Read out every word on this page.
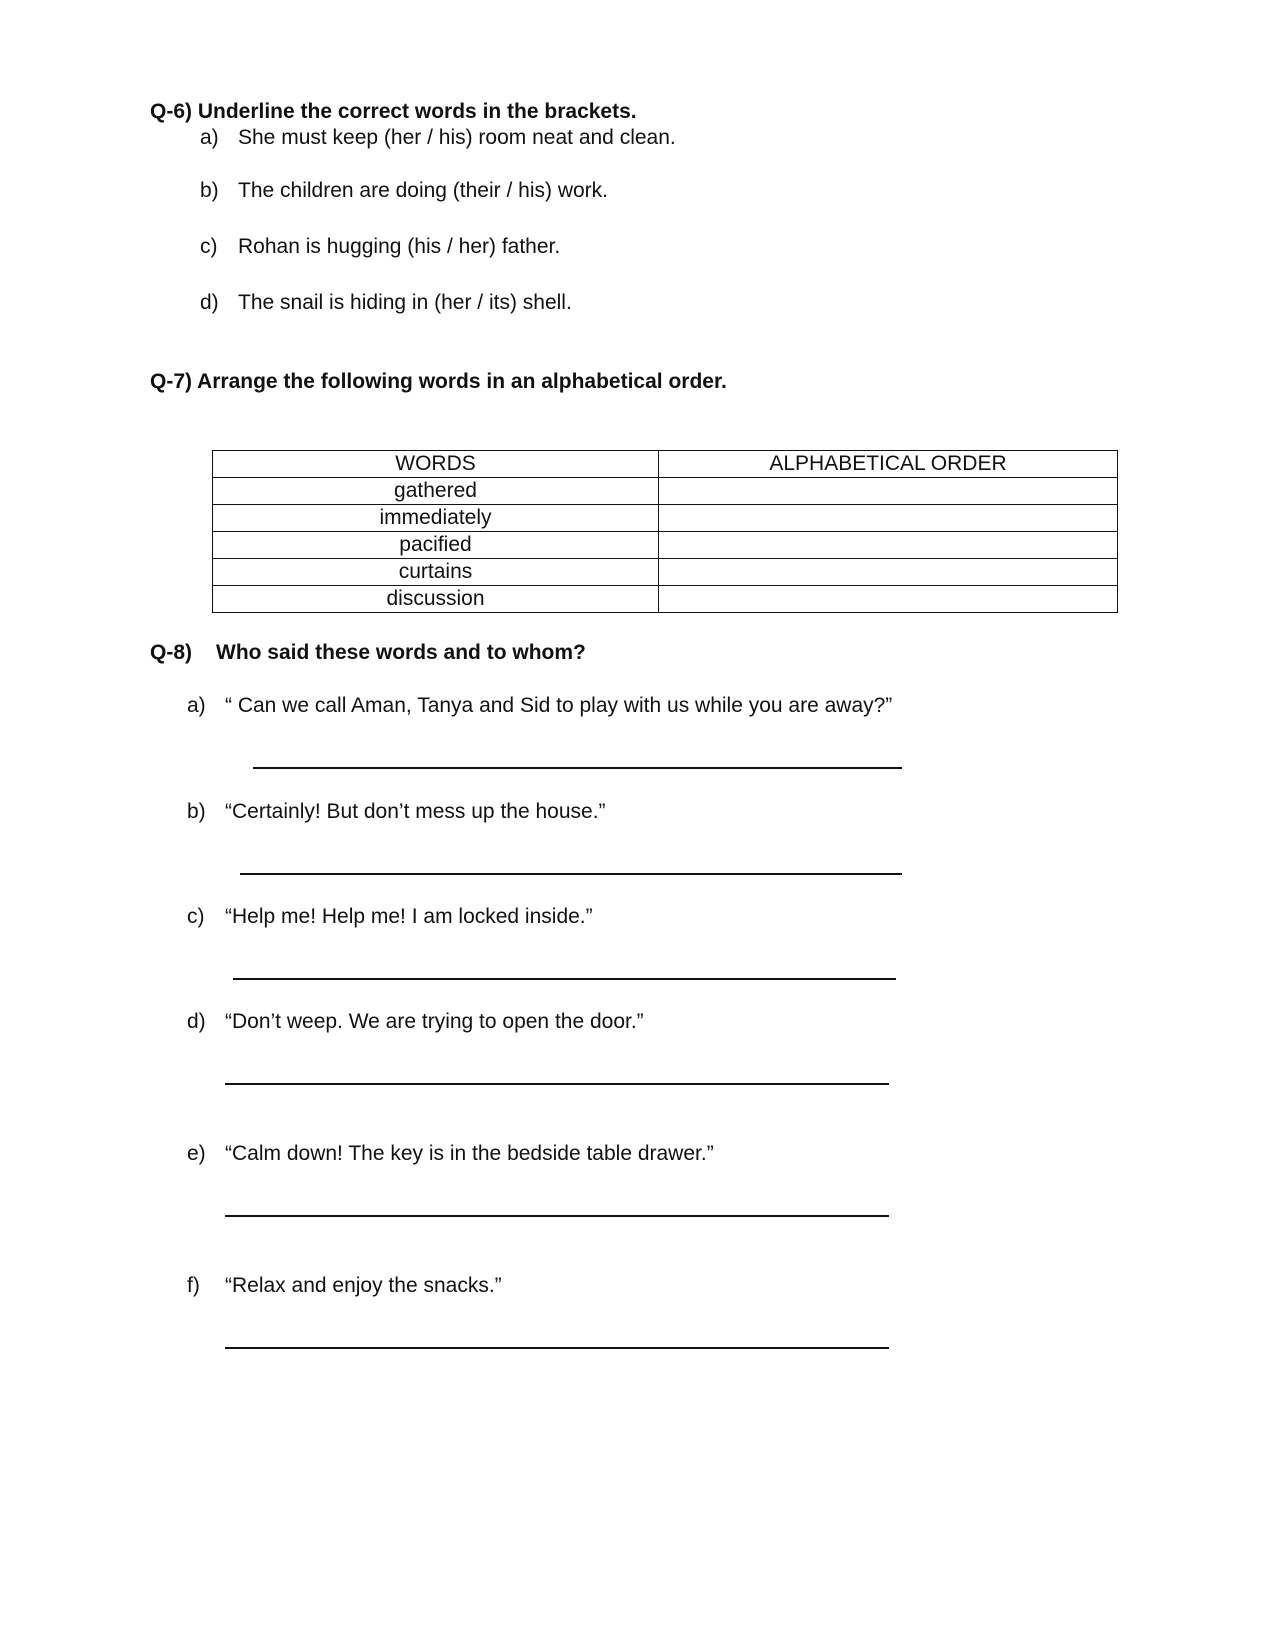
Q-6) Underline the correct words in the brackets.
a) She must keep (her / his) room neat and clean.
b) The children are doing (their / his) work.
c) Rohan is hugging (his / her) father.
d) The snail is hiding in (her / its) shell.
Q-7) Arrange the following words in an alphabetical order.
WORDS	ALPHABETICAL ORDER
gathered	
immediately	
pacified	
curtains	
discussion	
Q-8) Who said these words and to whom?
a) “ Can we call Aman, Tanya and Sid to play with us while you are away?”
b) “Certainly! But don’t mess up the house.”
c) “Help me! Help me! I am locked inside.”
d) “Don’t weep. We are trying to open the door.”
e) “Calm down! The key is in the bedside table drawer.”
f) “Relax and enjoy the snacks.”
